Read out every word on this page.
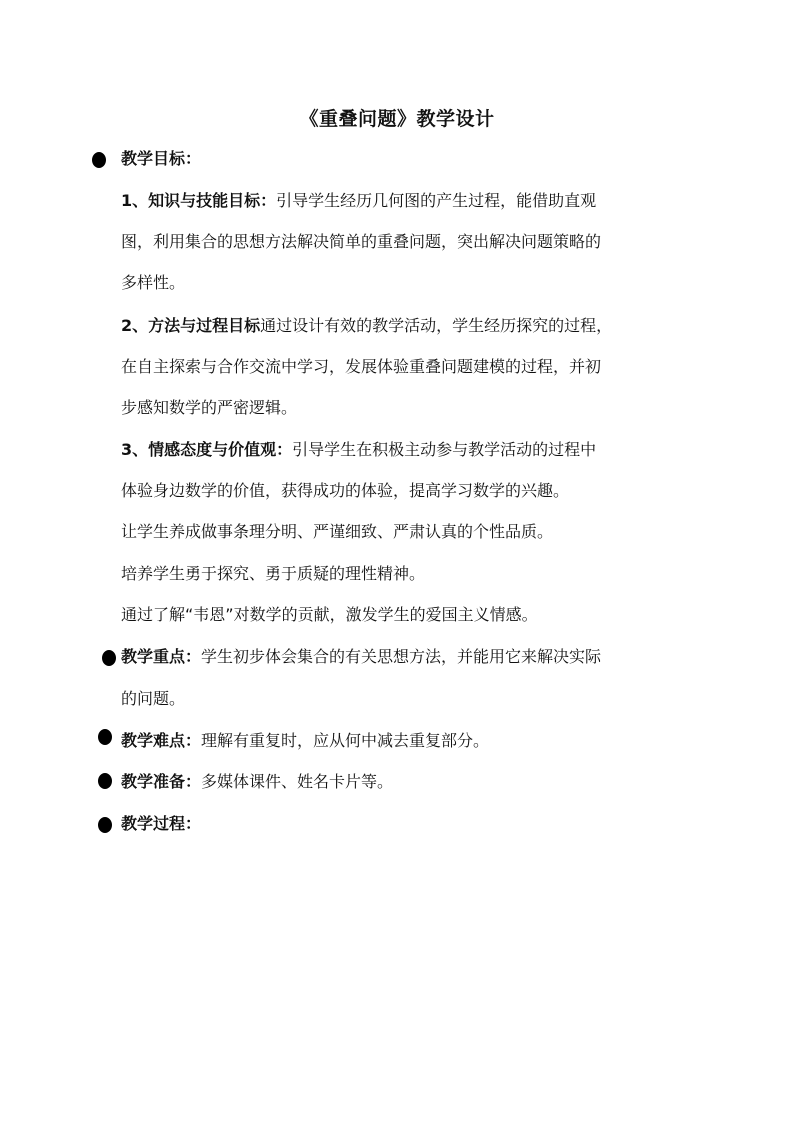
《重叠问题》教学设计
教学目标：
1、知识与技能目标：引导学生经历几何图的产生过程，能借助直观
图，利用集合的思想方法解决简单的重叠问题，突出解决问题策略的
多样性。
2、方法与过程目标通过设计有效的教学活动，学生经历探究的过程，
在自主探索与合作交流中学习，发展体验重叠问题建模的过程，并初
步感知数学的严密逻辑。
3、情感态度与价值观：引导学生在积极主动参与教学活动的过程中
体验身边数学的价值，获得成功的体验，提高学习数学的兴趣。
让学生养成做事条理分明、严谨细致、严肃认真的个性品质。
培养学生勇于探究、勇于质疑的理性精神。
通过了解“韦恩”对数学的贡献，激发学生的爱国主义情感。
教学重点：学生初步体会集合的有关思想方法，并能用它来解决实际
的问题。
教学难点：理解有重复时，应从何中减去重复部分。
教学准备：多媒体课件、姓名卡片等。
教学过程：
